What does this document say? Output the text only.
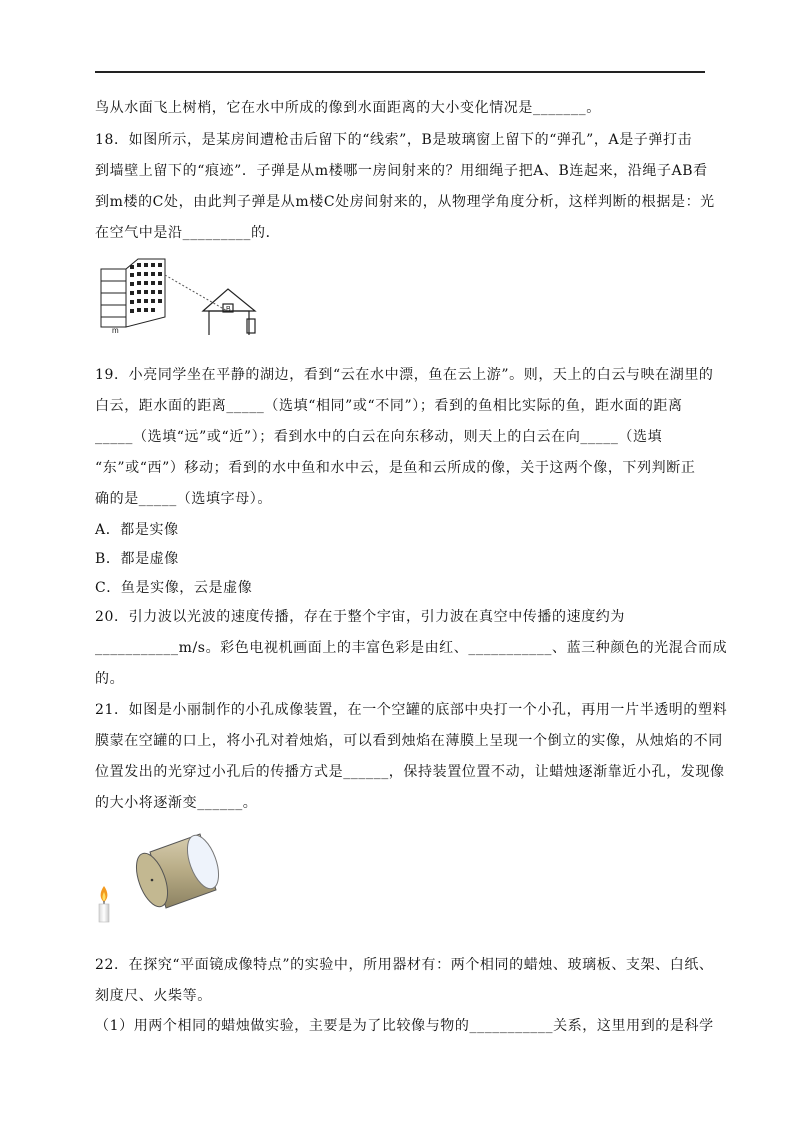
鸟从水面飞上树梢，它在水中所成的像到水面距离的大小变化情况是_______。
18．如图所示，是某房间遭枪击后留下的“线索”，B是玻璃窗上留下的“弹孔”，A是子弹打击
到墙壁上留下的“痕迹”．子弹是从m楼哪一房间射来的？用细绳子把A、B连起来，沿绳子AB看
到m楼的C处，由此判子弹是从m楼C处房间射来的，从物理学角度分析，这样判断的根据是：光
在空气中是沿_________的．
m
B
19．小亮同学坐在平静的湖边，看到“云在水中漂，鱼在云上游”。则，天上的白云与映在湖里的
白云，距水面的距离_____（选填“相同”或“不同”）；看到的鱼相比实际的鱼，距水面的距离
_____（选填“远”或“近”）；看到水中的白云在向东移动，则天上的白云在向_____（选填
“东”或“西”）移动；看到的水中鱼和水中云，是鱼和云所成的像，关于这两个像，下列判断正
确的是_____（选填字母）。
A．都是实像
B．都是虚像
C．鱼是实像，云是虚像
20．引力波以光波的速度传播，存在于整个宇宙，引力波在真空中传播的速度约为
___________m/s。彩色电视机画面上的丰富色彩是由红、___________、蓝三种颜色的光混合而成
的。
21．如图是小丽制作的小孔成像装置，在一个空罐的底部中央打一个小孔，再用一片半透明的塑料
膜蒙在空罐的口上，将小孔对着烛焰，可以看到烛焰在薄膜上呈现一个倒立的实像，从烛焰的不同
位置发出的光穿过小孔后的传播方式是______，保持装置位置不动，让蜡烛逐渐靠近小孔，发现像
的大小将逐渐变______。
22．在探究“平面镜成像特点”的实验中，所用器材有：两个相同的蜡烛、玻璃板、支架、白纸、
刻度尺、火柴等。
（1）用两个相同的蜡烛做实验，主要是为了比较像与物的___________关系，这里用到的是科学
